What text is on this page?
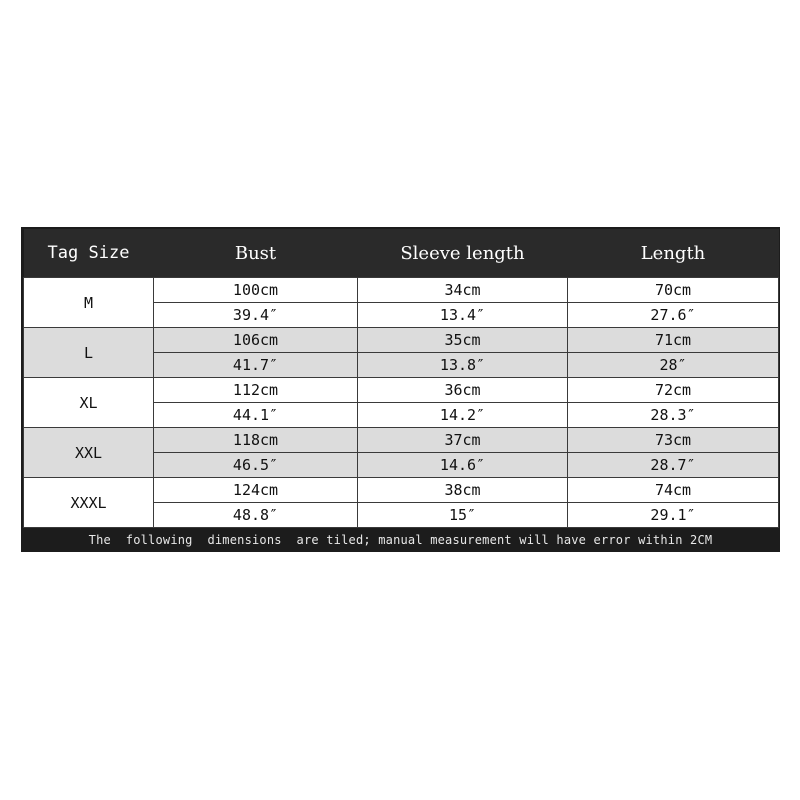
Tag Size	Bust	Sleeve length	Length
M	100cm	34cm	70cm
	39.4″	13.4″	27.6″
L	106cm	35cm	71cm
	41.7″	13.8″	28″
XL	112cm	36cm	72cm
	44.1″	14.2″	28.3″
XXL	118cm	37cm	73cm
	46.5″	14.6″	28.7″
XXXL	124cm	38cm	74cm
	48.8″	15″	29.1″
The  following  dimensions  are tiled; manual measurement will have error within 2CM
